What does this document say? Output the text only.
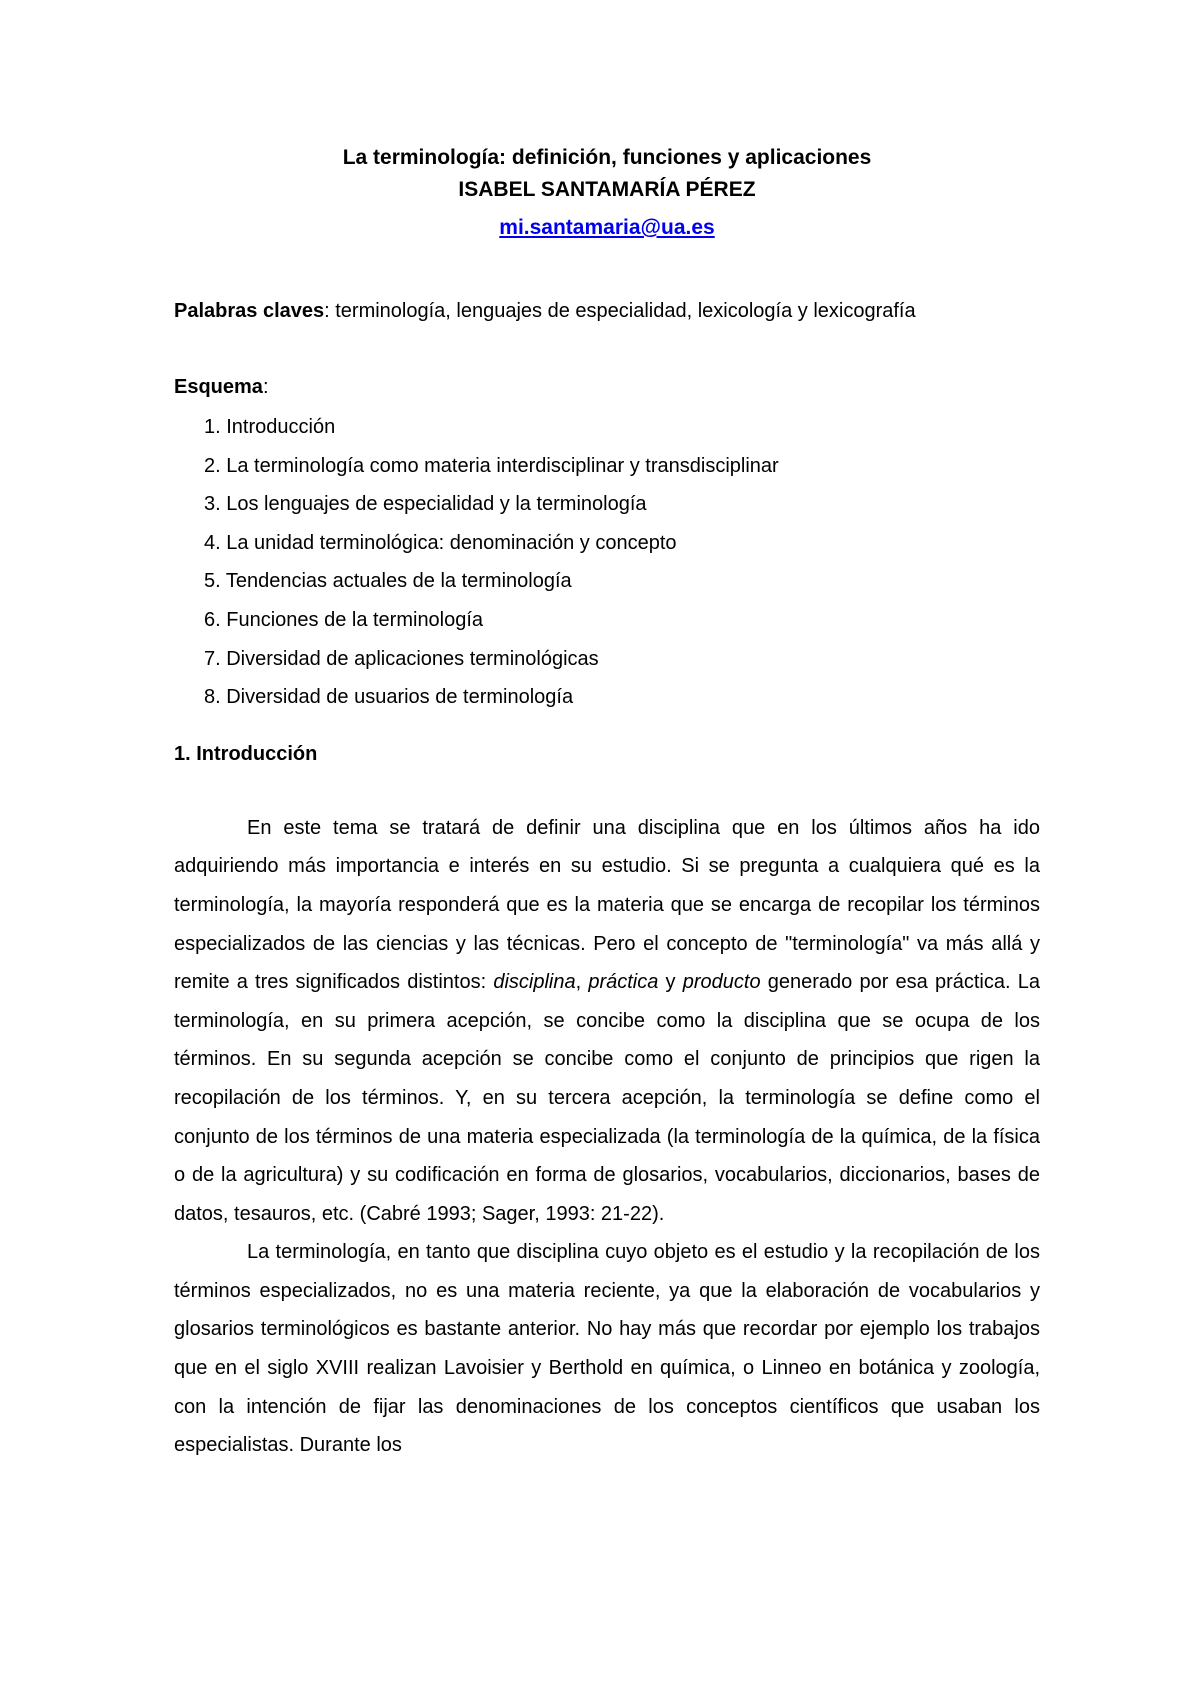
La terminología: definición, funciones y aplicaciones
ISABEL SANTAMARÍA PÉREZ
mi.santamaria@ua.es
Palabras claves: terminología, lenguajes de especialidad, lexicología y lexicografía
Esquema:
1. Introducción
2. La terminología como materia interdisciplinar y transdisciplinar
3. Los lenguajes de especialidad y la terminología
4. La unidad terminológica: denominación y concepto
5. Tendencias actuales de la terminología
6. Funciones de la terminología
7. Diversidad de aplicaciones terminológicas
8. Diversidad de usuarios de terminología
1. Introducción

En este tema se tratará de definir una disciplina que en los últimos años ha ido adquiriendo más importancia e interés en su estudio. Si se pregunta a cualquiera qué es la terminología, la mayoría responderá que es la materia que se encarga de recopilar los términos especializados de las ciencias y las técnicas. Pero el concepto de "terminología" va más allá y remite a tres significados distintos: disciplina, práctica y producto generado por esa práctica. La terminología, en su primera acepción, se concibe como la disciplina que se ocupa de los términos. En su segunda acepción se concibe como el conjunto de principios que rigen la recopilación de los términos. Y, en su tercera acepción, la terminología se define como el conjunto de los términos de una materia especializada (la terminología de la química, de la física o de la agricultura) y su codificación en forma de glosarios, vocabularios, diccionarios, bases de datos, tesauros, etc. (Cabré 1993; Sager, 1993: 21-22).

La terminología, en tanto que disciplina cuyo objeto es el estudio y la recopilación de los términos especializados, no es una materia reciente, ya que la elaboración de vocabularios y glosarios terminológicos es bastante anterior. No hay más que recordar por ejemplo los trabajos que en el siglo XVIII realizan Lavoisier y Berthold en química, o Linneo en botánica y zoología, con la intención de fijar las denominaciones de los conceptos científicos que usaban los especialistas. Durante los
